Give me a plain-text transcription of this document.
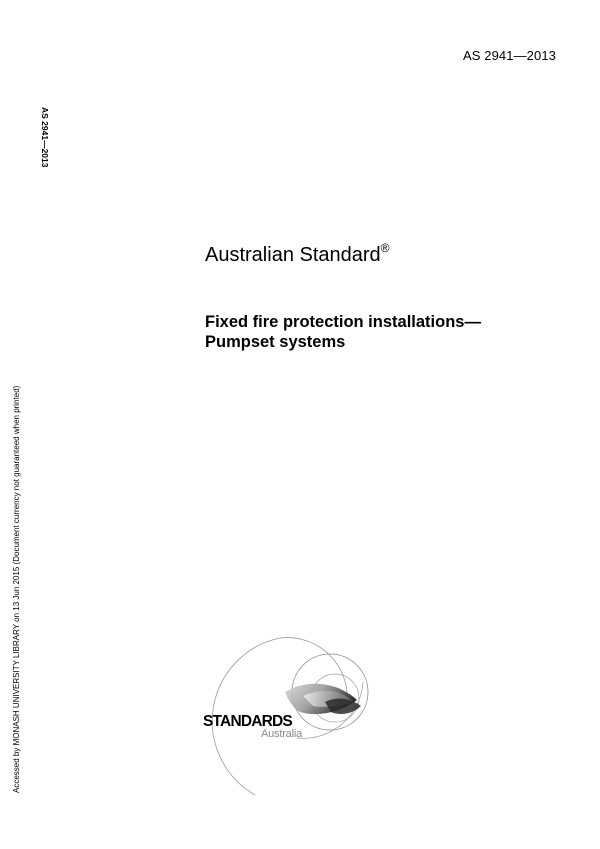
AS 2941—2013
AS 2941—2013
Accessed by MONASH UNIVERSITY LIBRARY on 13 Jun 2015 (Document currency not guaranteed when printed)
Australian Standard®
Fixed fire protection installations—
Pumpset systems
STANDARDS
Australia
